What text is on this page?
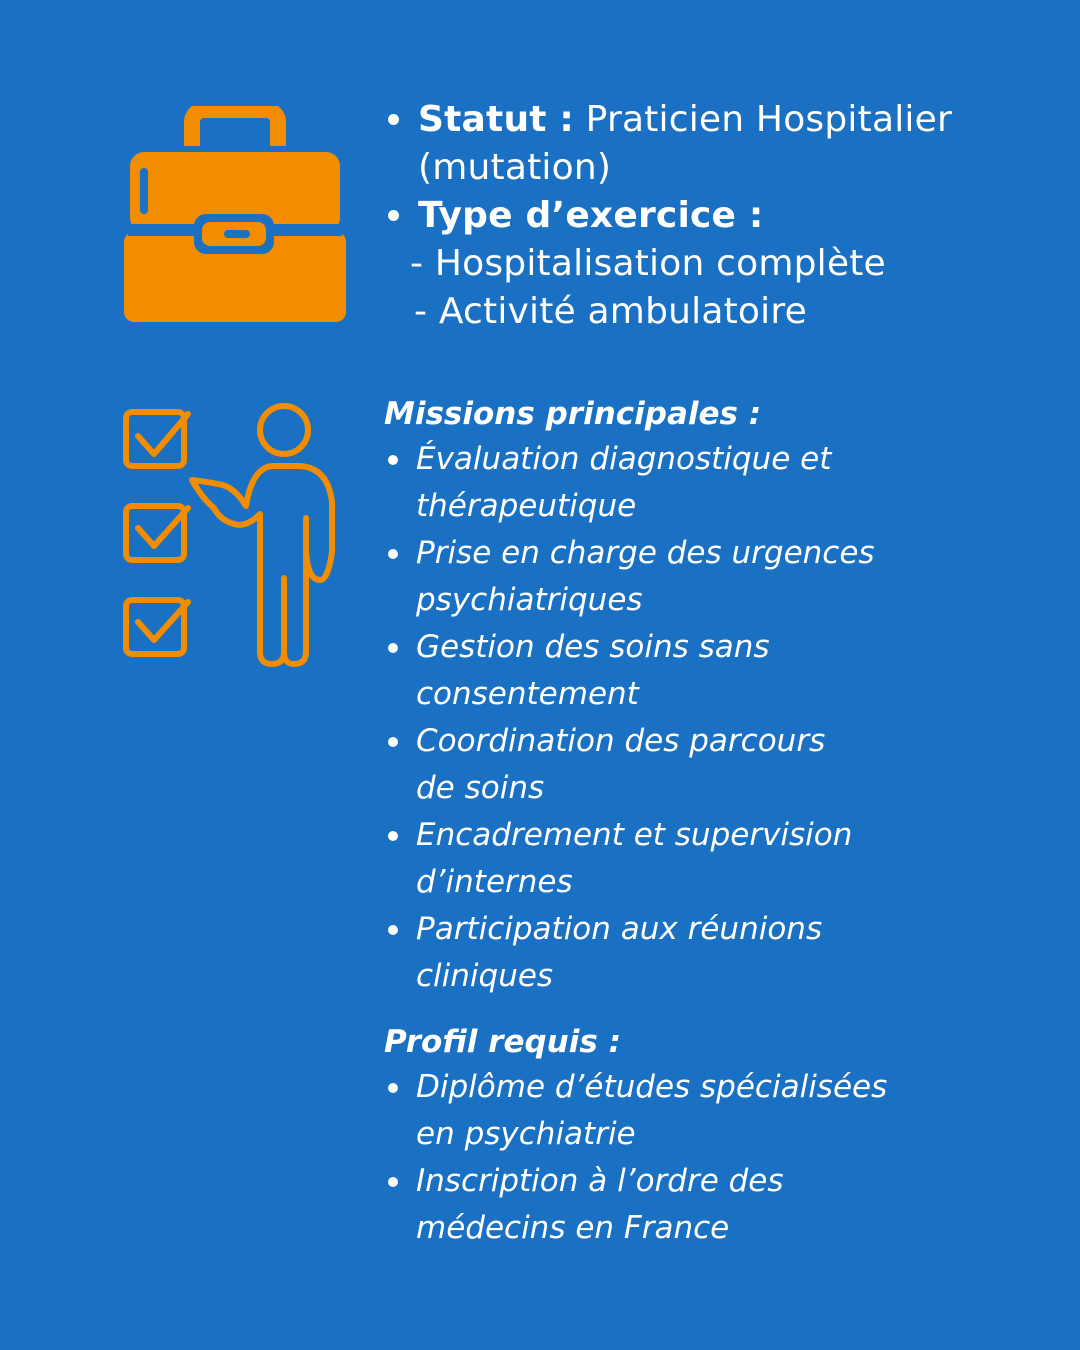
Statut : Praticien Hospitalier
(mutation)
Type d’exercice :
- Hospitalisation complète
- Activité ambulatoire
Missions principales :
Évaluation diagnostique et
thérapeutique
Prise en charge des urgences
psychiatriques
Gestion des soins sans
consentement
Coordination des parcours
de soins
Encadrement et supervision
d’internes
Participation aux réunions
cliniques
Profil requis :
Diplôme d’études spécialisées
en psychiatrie
Inscription à l’ordre des
médecins en France
